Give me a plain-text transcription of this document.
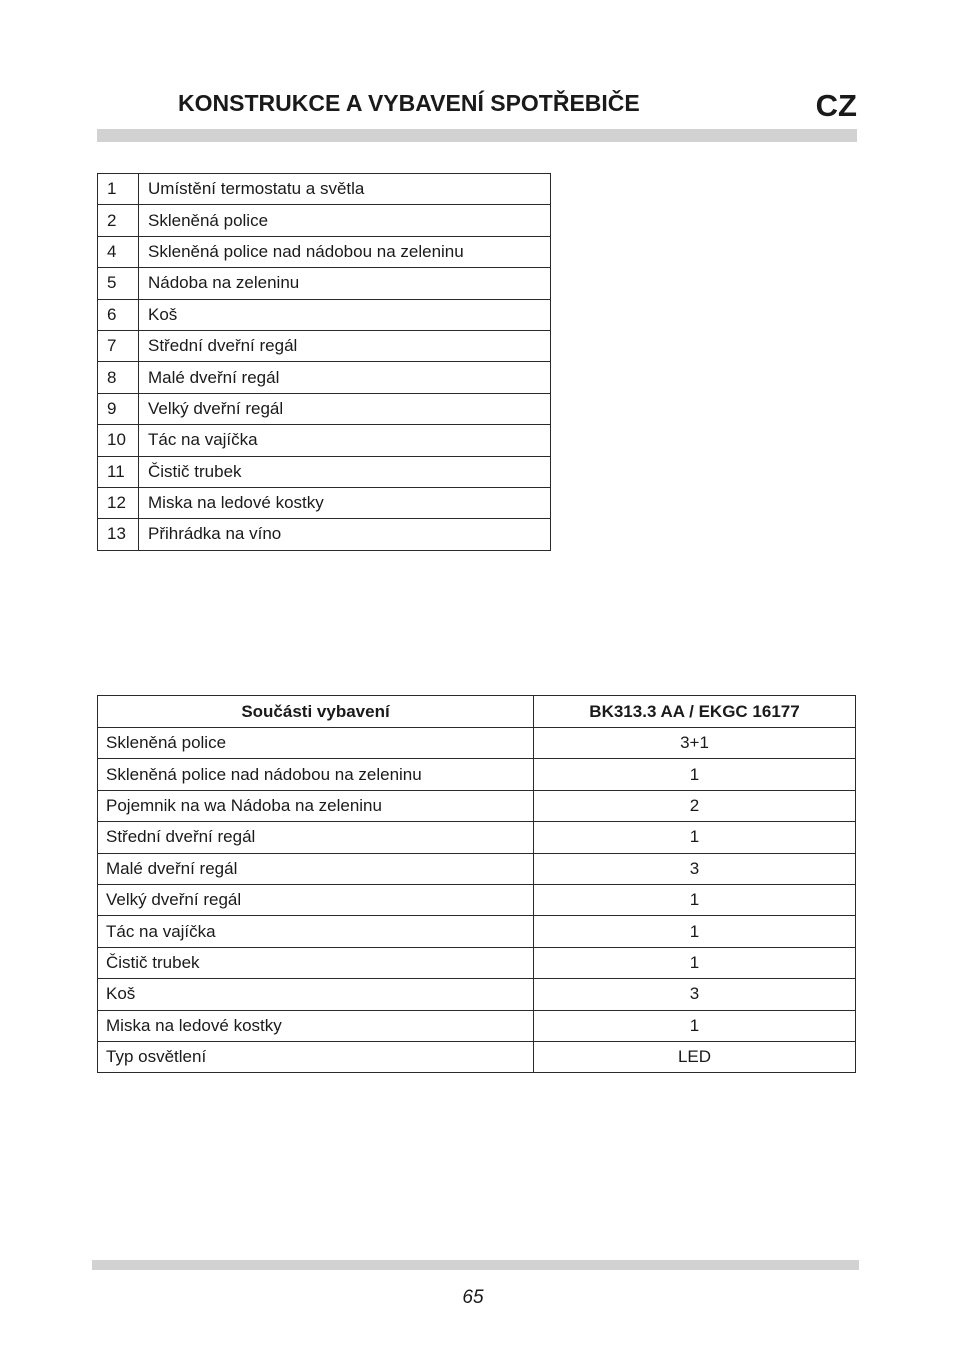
KONSTRUKCE A VYBAVENÍ SPOTŘEBIČE	CZ
1	Umístění termostatu a světla
2	Skleněná police
4	Skleněná police nad nádobou na zeleninu
5	Nádoba na zeleninu
6	Koš
7	Střední dveřní regál
8	Malé dveřní regál
9	Velký dveřní regál
10	Tác na vajíčka
11	Čistič trubek
12	Miska na ledové kostky
13	Přihrádka na víno
Součásti vybavení	BK313.3 AA / EKGC 16177
Skleněná police	3+1
Skleněná police nad nádobou na zeleninu	1
Pojemnik na wa Nádoba na zeleninu	2
Střední dveřní regál	1
Malé dveřní regál	3
Velký dveřní regál	1
Tác na vajíčka	1
Čistič trubek	1
Koš	3
Miska na ledové kostky	1
Typ osvětlení	LED
65
